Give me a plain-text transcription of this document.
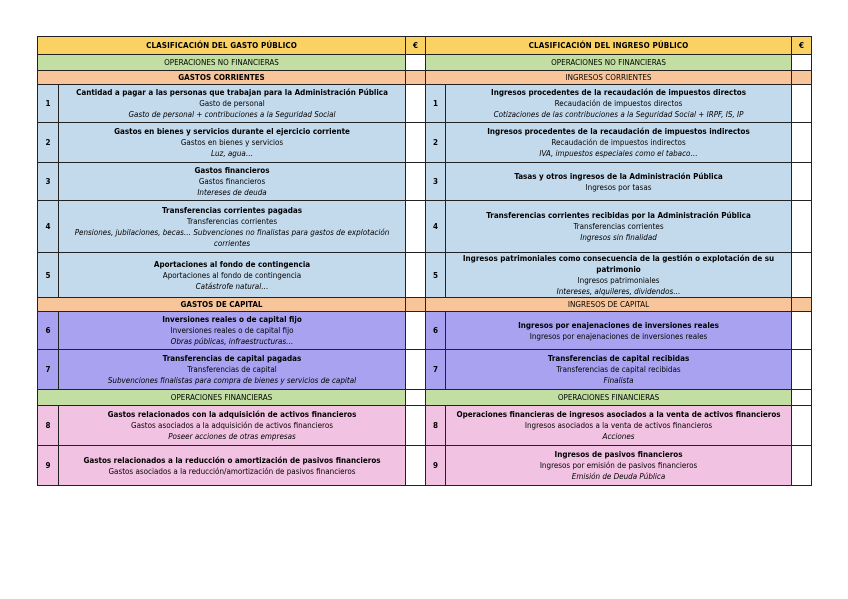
CLASIFICACIÓN DEL GASTO PÚBLICO		€	CLASIFICACIÓN DEL INGRESO PÚBLICO		€
OPERACIONES NO FINANCIERAS			OPERACIONES NO FINANCIERAS		
GASTOS CORRIENTES			INGRESOS CORRIENTES		
1	Cantidad a pagar a las personas que trabajan para la Administración Pública
Gasto de personal
Gasto de personal + contribuciones a la Seguridad Social		1	Ingresos procedentes de la recaudación de impuestos directos
Recaudación de impuestos directos
Cotizaciones de las contribuciones a la Seguridad Social + IRPF, IS, IP	

2	Gastos en bienes y servicios durante el ejercicio corriente
Gastos en bienes y servicios
Luz, agua…		2	Ingresos procedentes de la recaudación de impuestos indirectos
Recaudación de impuestos indirectos
IVA, impuestos especiales como el tabaco…	

3	Gastos financieros
Gastos financieros
Intereses de deuda		3	Tasas y otros ingresos de la Administración Pública
Ingresos por tasas	

4	Transferencias corrientes pagadas
Transferencias corrientes
Pensiones, jubilaciones, becas… Subvenciones no finalistas para gastos de explotación corrientes		4	Transferencias corrientes recibidas por la Administración Pública
Transferencias corrientes
Ingresos sin finalidad	

5	Aportaciones al fondo de contingencia
Aportaciones al fondo de contingencia
Catástrofe natural…		5	Ingresos patrimoniales como consecuencia de la gestión o explotación de su patrimonio
Ingresos patrimoniales
Intereses, alquileres, dividendos…	

GASTOS DE CAPITAL			INGRESOS DE CAPITAL		
6	Inversiones reales o de capital fijo
Inversiones reales o de capital fijo
Obras públicas, infraestructuras…		6	Ingresos por enajenaciones de inversiones reales
Ingresos por enajenaciones de inversiones reales	

7	Transferencias de capital pagadas
Transferencias de capital
Subvenciones finalistas para compra de bienes y servicios de capital		7	Transferencias de capital recibidas
Transferencias de capital recibidas
Finalista	

OPERACIONES FINANCIERAS			OPERACIONES FINANCIERAS		
8	Gastos relacionados con la adquisición de activos financieros
Gastos asociados a la adquisición de activos financieros
Poseer acciones de otras empresas		8	Operaciones financieras de ingresos asociados a la venta de activos financieros
Ingresos asociados a la venta de activos financieros
Acciones	

9	Gastos relacionados a la reducción o amortización de pasivos financieros
Gastos asociados a la reducción/amortización de pasivos financieros		9	Ingresos de pasivos financieros
Ingresos por emisión de pasivos financieros
Emisión de Deuda Pública	
